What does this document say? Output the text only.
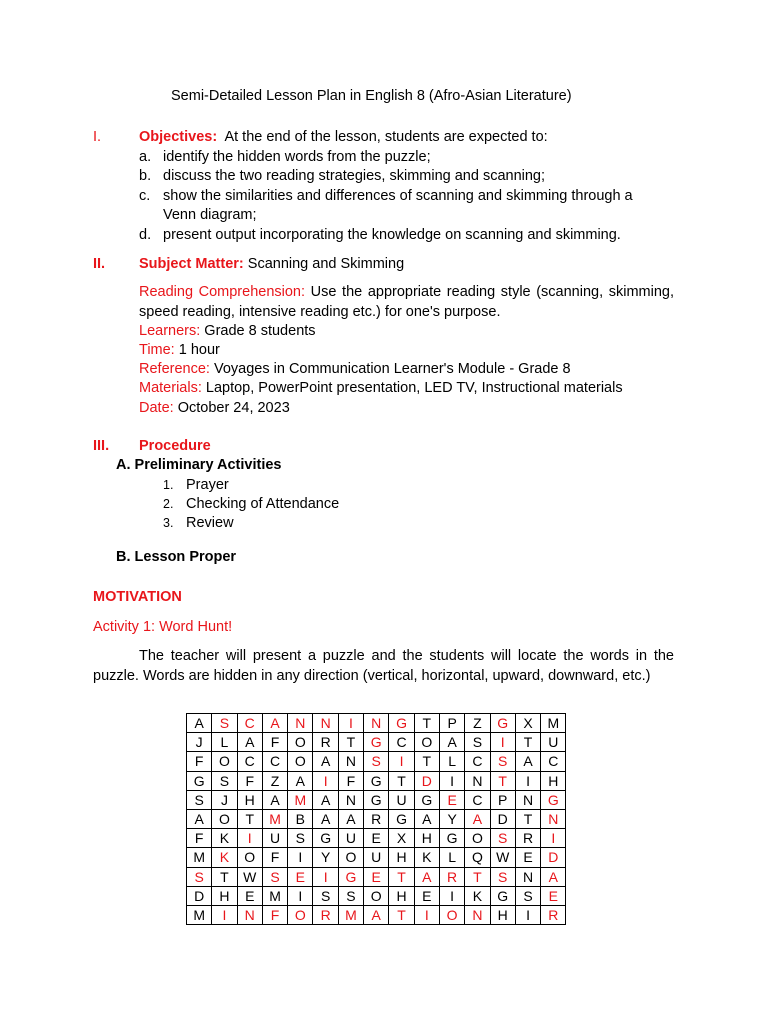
Semi-Detailed Lesson Plan in English 8 (Afro-Asian Literature)
I.	Objectives: At the end of the lesson, students are expected to:
a. identify the hidden words from the puzzle;
b. discuss the two reading strategies, skimming and scanning;
c. show the similarities and differences of scanning and skimming through a
Venn diagram;
d. present output incorporating the knowledge on scanning and skimming.
II. Subject Matter: Scanning and Skimming
Reading Comprehension: Use the appropriate reading style (scanning, skimming, speed reading, intensive reading etc.) for one's purpose.
Learners: Grade 8 students
Time: 1 hour
Reference: Voyages in Communication Learner's Module - Grade 8
Materials: Laptop, PowerPoint presentation, LED TV, Instructional materials
Date: October 24, 2023
III. Procedure
A. Preliminary Activities
1. Prayer
2. Checking of Attendance
3. Review
B. Lesson Proper
MOTIVATION
Activity 1: Word Hunt!
The teacher will present a puzzle and the students will locate the words in the puzzle. Words are hidden in any direction (vertical, horizontal, upward, downward, etc.)
A	S	C	A	N	N	I	N	G	T	P	Z	G	X	M
J	L	A	F	O	R	T	G	C	O	A	S	I	T	U
F	O	C	C	O	A	N	S	I	T	L	C	S	A	C
G	S	F	Z	A	I	F	G	T	D	I	N	T	I	H
S	J	H	A	M	A	N	G	U	G	E	C	P	N	G
A	O	T	M	B	A	A	R	G	A	Y	A	D	T	N
F	K	I	U	S	G	U	E	X	H	G	O	S	R	I
M	K	O	F	I	Y	O	U	H	K	L	Q	W	E	D
S	T	W	S	E	I	G	E	T	A	R	T	S	N	A
D	H	E	M	I	S	S	O	H	E	I	K	G	S	E
M	I	N	F	O	R	M	A	T	I	O	N	H	I	R
